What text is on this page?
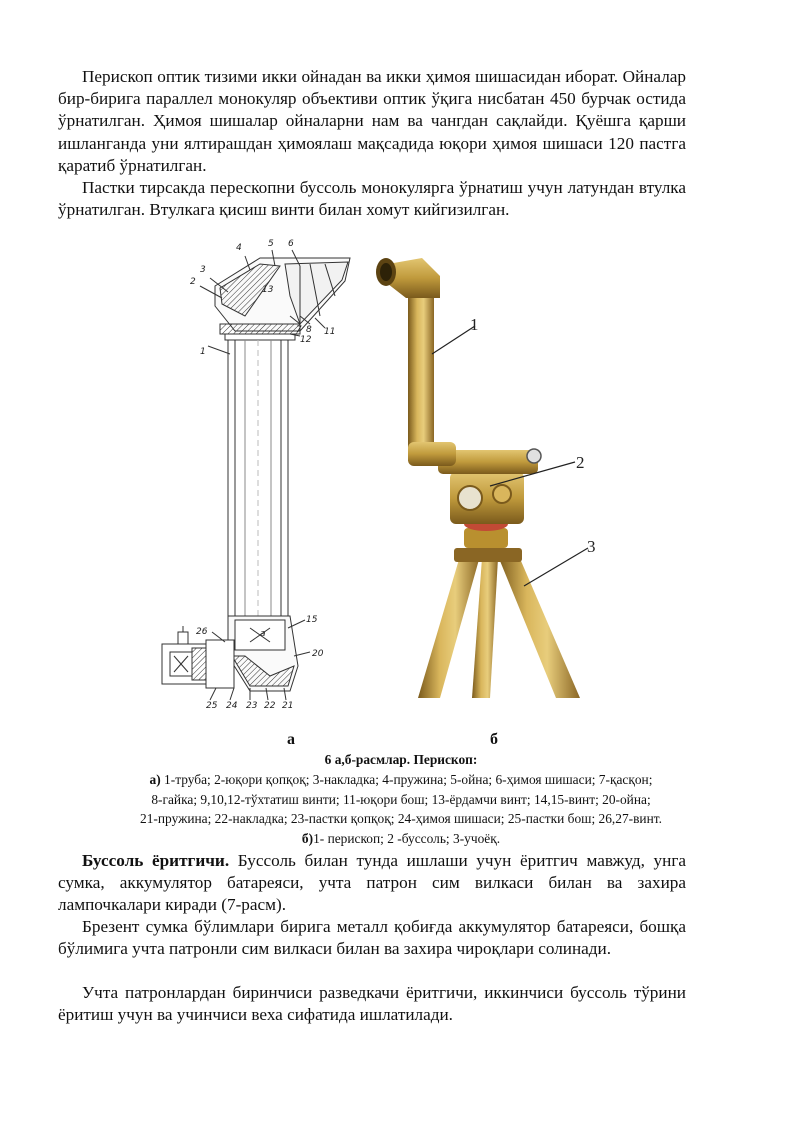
Перископ оптик тизими икки ойнадан ва икки ҳимоя шишасидан иборат. Ойналар бир-бирига параллел монокуляр объективи оптик ўқига нисбатан 450 бурчак остида ўрнатилган. Ҳимоя шишалар ойналарни нам ва чангдан сақлайди. Қуёшга қарши ишланганда уни ялтирашдан ҳимоялаш мақсадида юқори ҳимоя шишаси 120 пастга қаратиб ўрнатилган.

Пастки тирсакда перескопни буссоль монокулярга ўрнатиш учун латундан втулка ўрнатилган. Втулкага қисиш винти билан хомут кийгизилган.

4	5 6
3
2
13
7 8 11
12
1
15
а
20
26
25 24 23 22 21
1
2
3
а	б
6 а,б-расмлар. Перископ:
а) 1-труба; 2-юқори қопқоқ; 3-накладка; 4-пружина; 5-ойна; 6-ҳимоя шишаси; 7-қасқон;
8-гайка; 9,10,12-тўхтатиш винти; 11-юқори бош; 13-ёрдамчи винт; 14,15-винт; 20-ойна;
21-пружина; 22-накладка; 23-пастки қопқоқ; 24-ҳимоя шишаси; 25-пастки бош; 26,27-винт.
б)1- перископ; 2 -буссоль; 3-учоёқ.

Буссоль ёритгичи. Буссоль билан тунда ишлаши учун ёритгич мавжуд, унга сумка, аккумулятор батареяси, учта патрон сим вилкаси билан ва захира лампочкалари киради (7-расм).

Брезент сумка бўлимлари бирига металл қобиғда аккумулятор батареяси, бошқа бўлимига учта патронли сим вилкаси билан ва захира чироқлари солинади.

Учта патронлардан биринчиси разведкачи ёритгичи, иккинчиси буссоль тўрини ёритиш учун ва учинчиси веха сифатида ишлатилади.
